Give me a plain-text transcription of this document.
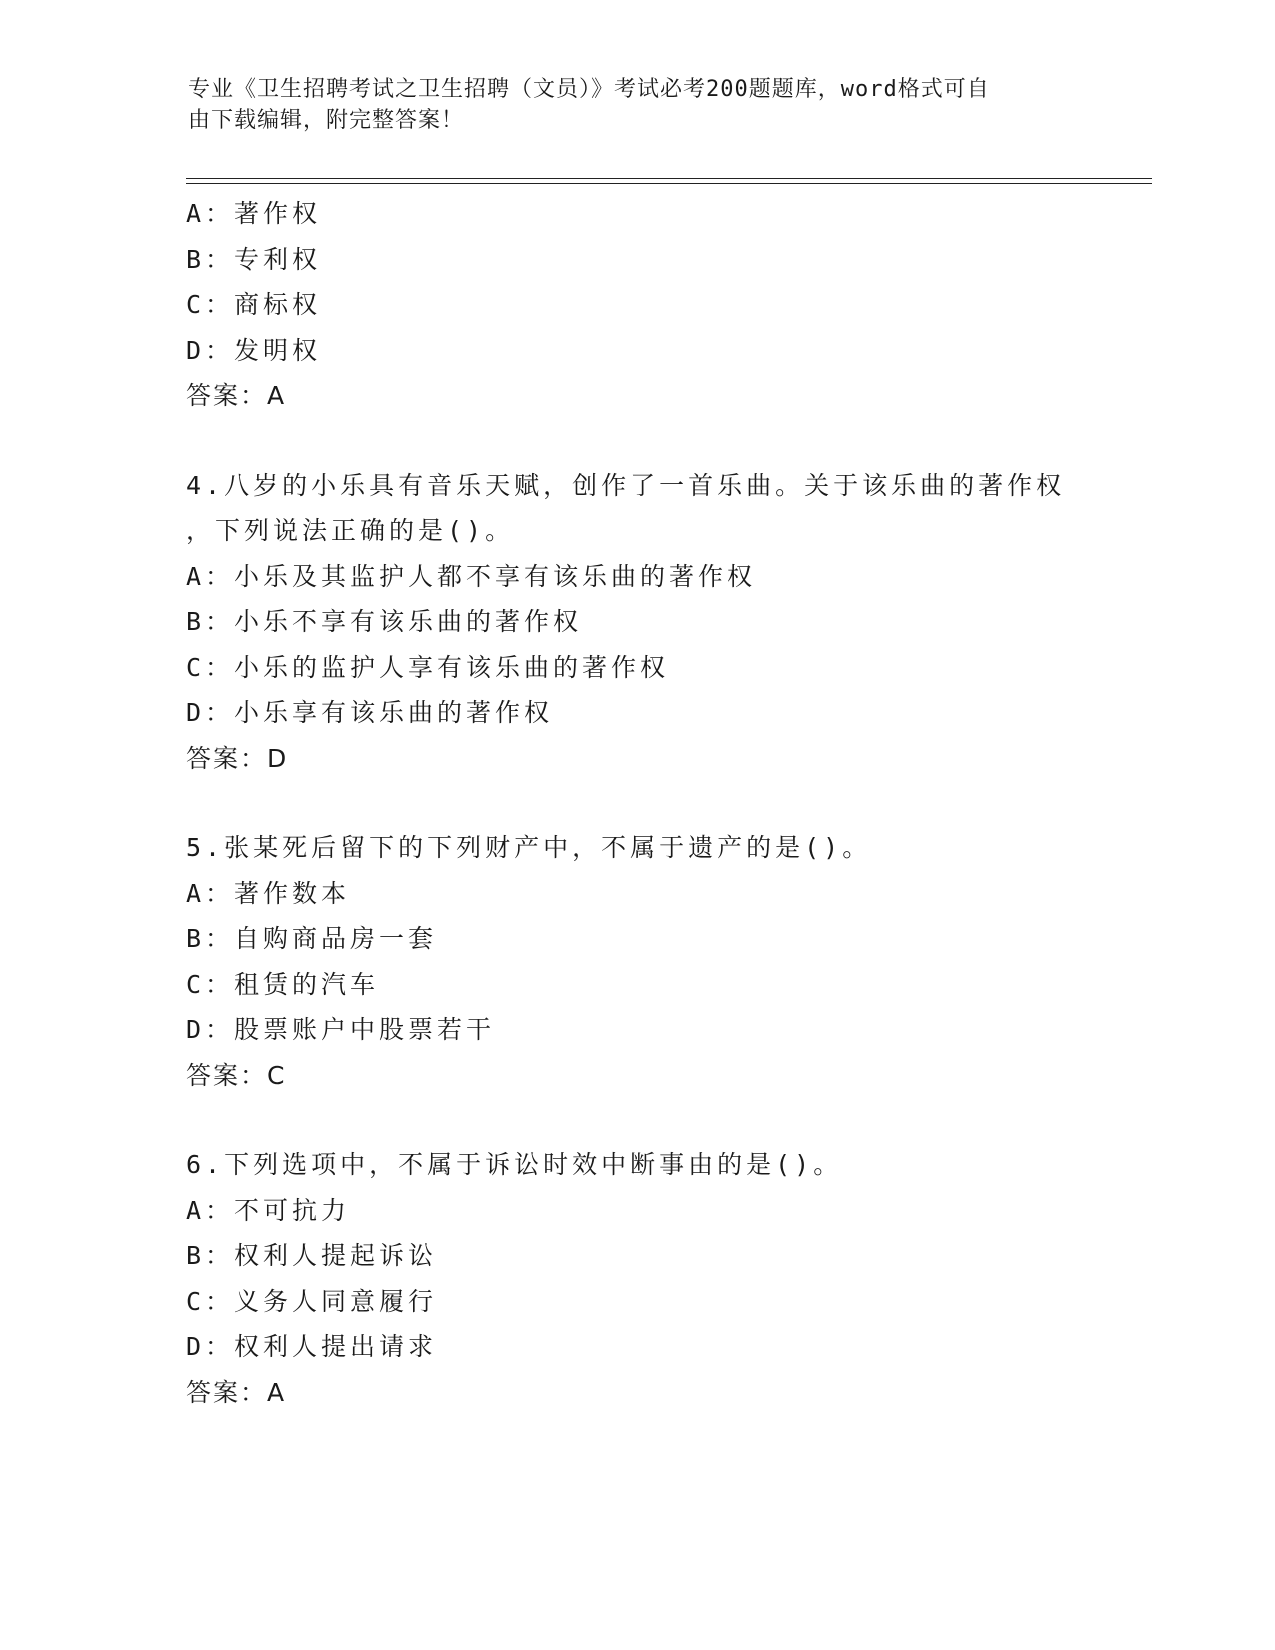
专业《卫生招聘考试之卫生招聘（文员）》考试必考200题题库，word格式可自
由下载编辑，附完整答案！
A：著作权
B：专利权
C：商标权
D：发明权
答案：A
4.八岁的小乐具有音乐天赋，创作了一首乐曲。关于该乐曲的著作权
，下列说法正确的是()。
A：小乐及其监护人都不享有该乐曲的著作权
B：小乐不享有该乐曲的著作权
C：小乐的监护人享有该乐曲的著作权
D：小乐享有该乐曲的著作权
答案：D
5.张某死后留下的下列财产中，不属于遗产的是()。
A：著作数本
B：自购商品房一套
C：租赁的汽车
D：股票账户中股票若干
答案：C
6.下列选项中，不属于诉讼时效中断事由的是()。
A：不可抗力
B：权利人提起诉讼
C：义务人同意履行
D：权利人提出请求
答案：A
